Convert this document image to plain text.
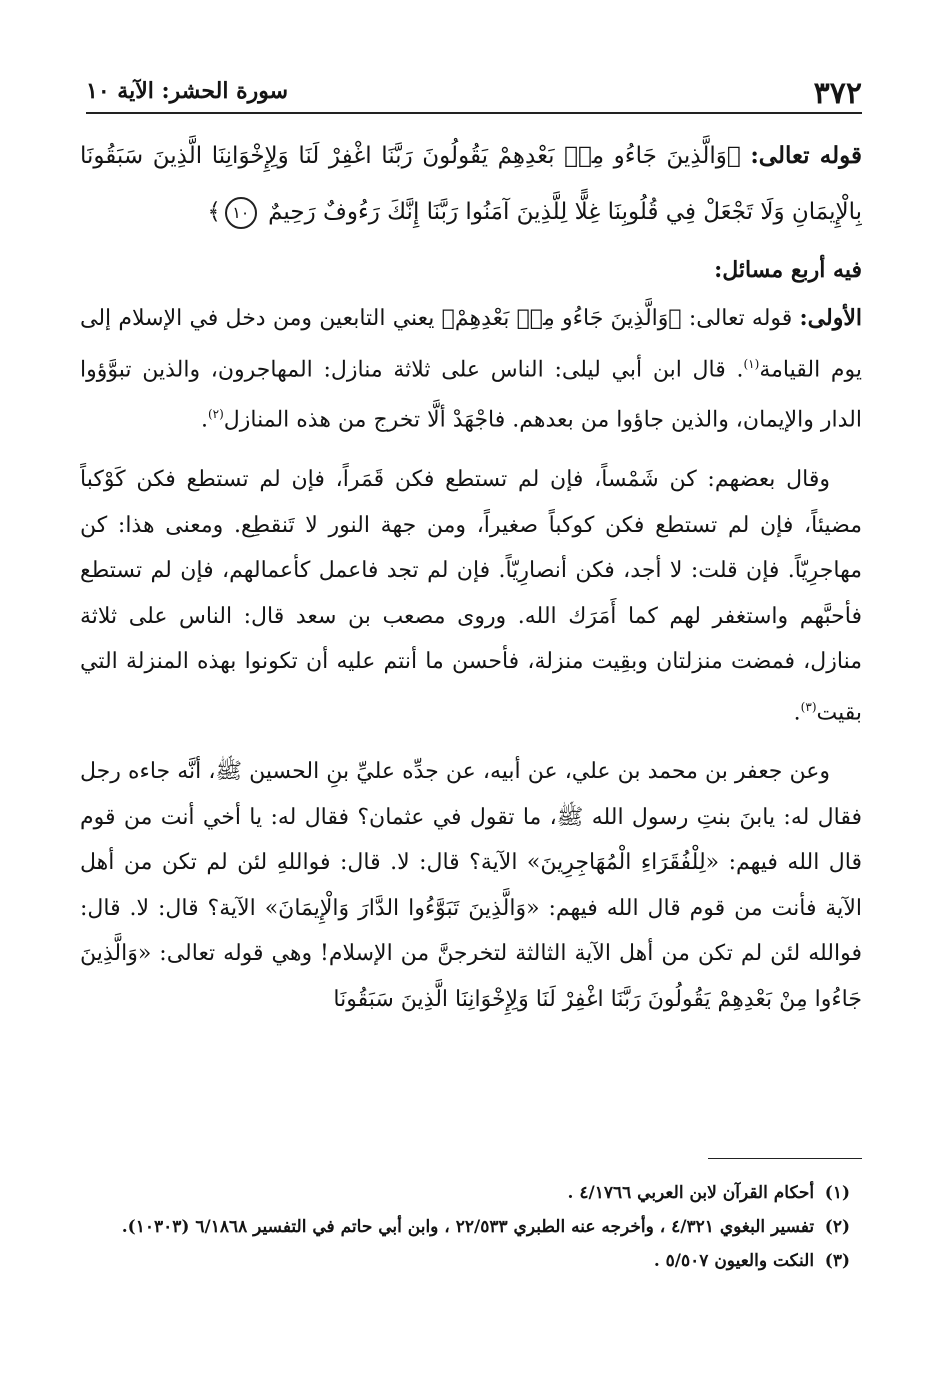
٣٧٢
سورة الحشر: الآية ١٠

قوله تعالى: ﴿وَالَّذِينَ جَاءُو مِنۢ بَعْدِهِمْ يَقُولُونَ رَبَّنَا اغْفِرْ لَنَا وَلِإِخْوَانِنَا الَّذِينَ سَبَقُونَا بِالْإِيمَانِ وَلَا تَجْعَلْ فِي قُلُوبِنَا غِلًّا لِلَّذِينَ آمَنُوا رَبَّنَا إِنَّكَ رَءُوفٌ رَحِيمٌ ١٠﴾

فيه أربع مسائل:

الأولى: قوله تعالى: ﴿وَالَّذِينَ جَاءُو مِنۢ بَعْدِهِمْ﴾ يعني التابعين ومن دخل في الإسلام إلى يوم القيامة$^{(١)}$. قال ابن أبي ليلى: الناس على ثلاثة منازل: المهاجرون، والذين تبوَّؤوا الدار والإيمان، والذين جاؤوا من بعدهم. فاجْهَدْ ألَّا تخرج من هذه المنازل$^{(٢)}$.

وقال بعضهم: كن شَمْساً، فإن لم تستطع فكن قَمَراً، فإن لم تستطع فكن كَوْكباً مضيئاً، فإن لم تستطع فكن كوكباً صغيراً، ومن جهة النور لا تَنقطِع. ومعنى هذا: كن مهاجرِيّاً. فإن قلت: لا أجد، فكن أنصارِيّاً. فإن لم تجد فاعمل كأعمالهم، فإن لم تستطع فأحبَّهم واستغفر لهم كما أَمَرَك الله. وروى مصعب بن سعد قال: الناس على ثلاثة منازل، فمضت منزلتان وبقِيت منزلة، فأحسن ما أنتم عليه أن تكونوا بهذه المنزلة التي بقيت$^{(٣)}$.

وعن جعفر بن محمد بن علي، عن أبيه، عن جدِّه عليِّ بنِ الحسين ﷺ، أنَّه جاءه رجل فقال له: يابنَ بنتِ رسول الله ﷺ، ما تقول في عثمان؟ فقال له: يا أخي أنت من قوم قال الله فيهم: «لِلْفُقَرَاءِ الْمُهَاجِرِينَ» الآية؟ قال: لا. قال: فواللهِ لئن لم تكن من أهل الآية فأنت من قوم قال الله فيهم: «وَالَّذِينَ تَبَوَّءُوا الدَّارَ وَالْإِيمَانَ» الآية؟ قال: لا. قال: فوالله لئن لم تكن من أهل الآية الثالثة لتخرجنَّ من الإسلام! وهي قوله تعالى: «وَالَّذِينَ جَاءُوا مِنْ بَعْدِهِمْ يَقُولُونَ رَبَّنَا اغْفِرْ لَنَا وَلِإِخْوَانِنَا الَّذِينَ سَبَقُونَا

(١) أحكام القرآن لابن العربي ٤/١٧٦٦ .

(٢) تفسير البغوي ٤/٣٢١ ، وأخرجه عنه الطبري ٢٢/٥٣٣ ، وابن أبي حاتم في التفسير ٦/١٨٦٨ (١٠٣٠٣).

(٣) النكت والعيون ٥/٥٠٧ .
